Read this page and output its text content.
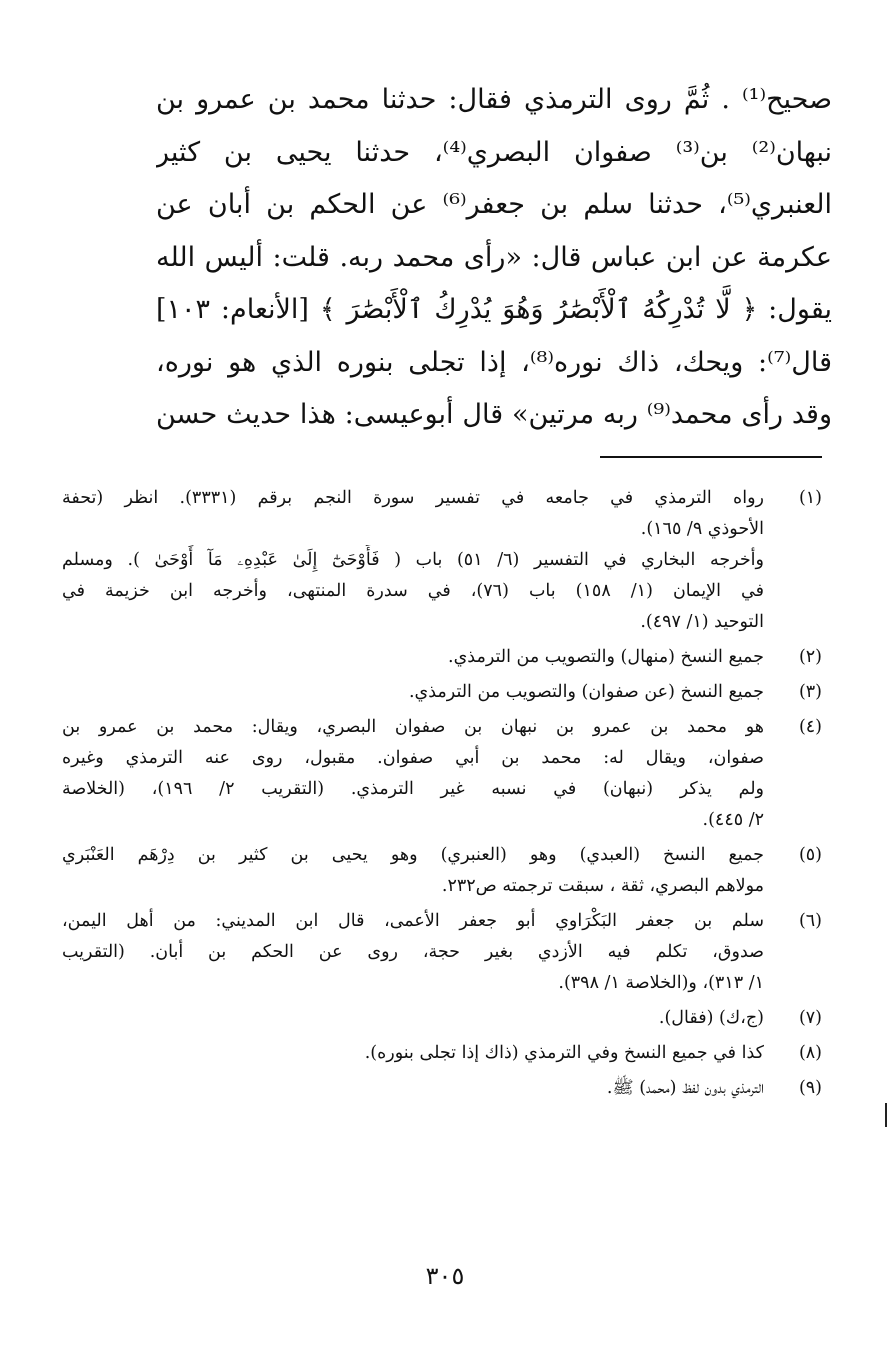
صحيح⁽¹⁾ . ثُمَّ روى الترمذي فقال: حدثنا محمد بن عمرو بن
نبهان⁽²⁾ بن⁽³⁾ صفوان البصري⁽⁴⁾، حدثنا يحيى بن كثير
العنبري⁽⁵⁾، حدثنا سلم بن جعفر⁽⁶⁾ عن الحكم بن أبان عن
عكرمة عن ابن عباس قال: «رأى محمد ربه. قلت: أليس الله
يقول: ﴿ لَّا تُدْرِكُهُ ٱلْأَبْصَٰرُ وَهُوَ يُدْرِكُ ٱلْأَبْصَٰرَ ﴾ [الأنعام: ١٠٣]
قال⁽⁷⁾: ويحك، ذاك نوره⁽⁸⁾، إذا تجلى بنوره الذي هو نوره،
وقد رأى محمد⁽⁹⁾ ربه مرتين» قال أبوعيسى: هذا حديث حسن
(١)
رواه الترمذي في جامعه في تفسير سورة النجم برقم (٣٣٣١). انظر (تحفة
الأحوذي ٩/ ١٦٥).
وأخرجه البخاري في التفسير (٦/ ٥١) باب ( فَأَوْحَىٰٓ إِلَىٰ عَبْدِهِۦ مَآ أَوْحَىٰ ). ومسلم
في الإيمان (١/ ١٥٨) باب (٧٦)، في سدرة المنتهى، وأخرجه ابن خزيمة في
التوحيد (١/ ٤٩٧).
(٢)
جميع النسخ (منهال) والتصويب من الترمذي.
(٣)
جميع النسخ (عن صفوان) والتصويب من الترمذي.
(٤)
هو محمد بن عمرو بن نبهان بن صفوان البصري، ويقال: محمد بن عمرو بن
صفوان، ويقال له: محمد بن أبي صفوان. مقبول، روى عنه الترمذي وغيره
ولم يذكر (نبهان) في نسبه غير الترمذي. (التقريب ٢/ ١٩٦)، (الخلاصة
٢/ ٤٤٥).
(٥)
جميع النسخ (العبدي) وهو (العنبري) وهو يحيى بن كثير بن دِرْهَم العَنْبَري
مولاهم البصري، ثقة ، سبقت ترجمته ص٢٣٢.
(٦)
سلم بن جعفر البَكْرَاوي أبو جعفر الأعمى، قال ابن المديني: من أهل اليمن،
صدوق، تكلم فيه الأزدي بغير حجة، روى عن الحكم بن أبان. (التقريب
١/ ٣١٣)، و(الخلاصة ١/ ٣٩٨).
(٧)
(ج،ك) (فقال).
(٨)
كذا في جميع النسخ وفي الترمذي (ذاك إذا تجلى بنوره).
(٩)
الترمذي بدون لفظ (محمد) ﷺ.
٣٠٥
